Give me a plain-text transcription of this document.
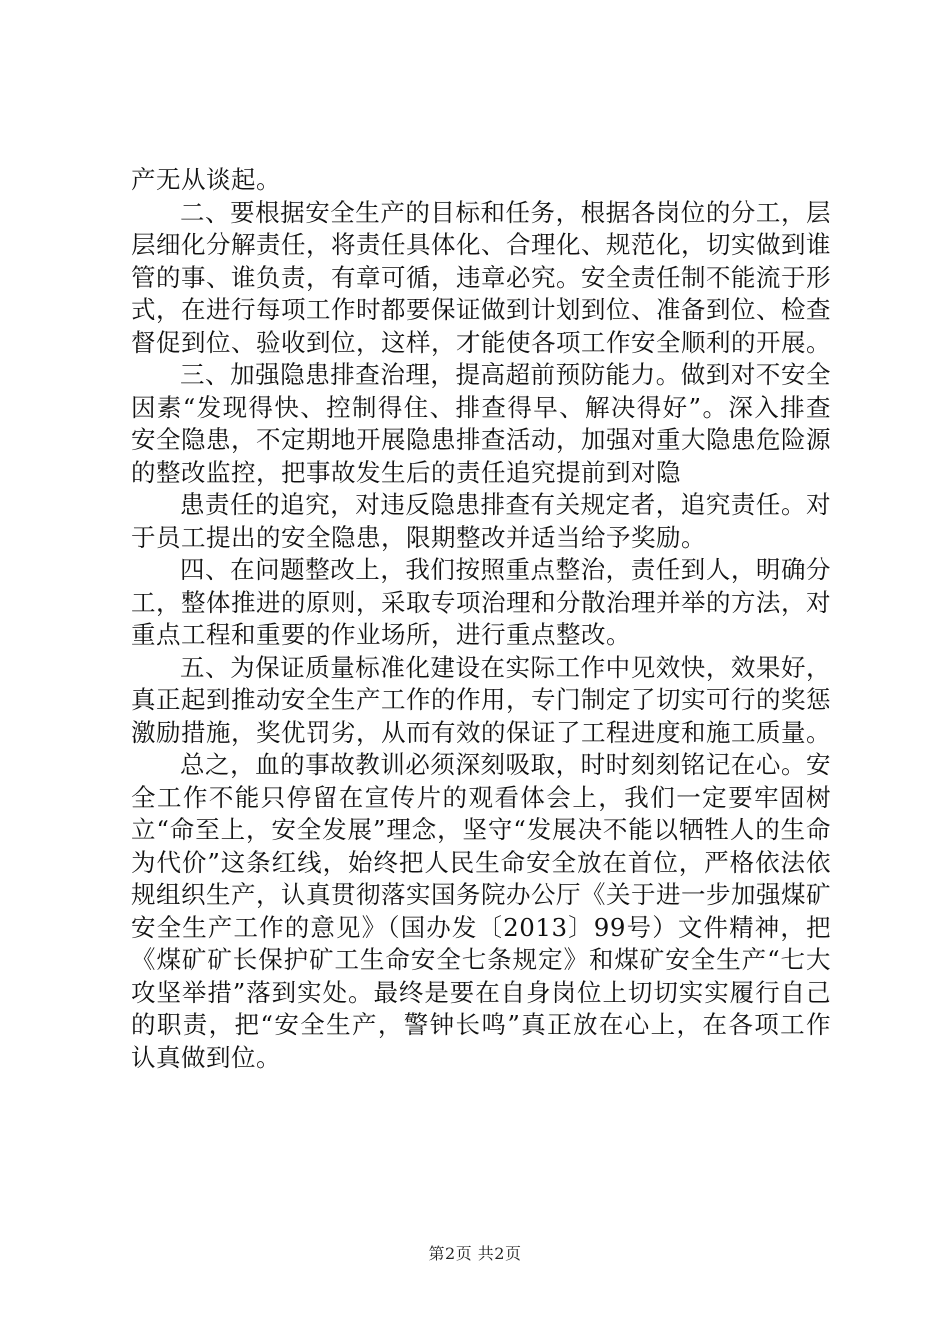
产无从谈起。

二、要根据安全生产的目标和任务，根据各岗位的分工，层层细化分解责任，将责任具体化、合理化、规范化，切实做到谁管的事、谁负责，有章可循，违章必究。安全责任制不能流于形式，在进行每项工作时都要保证做到计划到位、准备到位、检查督促到位、验收到位，这样，才能使各项工作安全顺利的开展。

三、加强隐患排查治理，提高超前预防能力。做到对不安全因素“发现得快、控制得住、排查得早、解决得好”。深入排查安全隐患，不定期地开展隐患排查活动，加强对重大隐患危险源的整改监控，把事故发生后的责任追究提前到对隐

患责任的追究，对违反隐患排查有关规定者，追究责任。对于员工提出的安全隐患，限期整改并适当给予奖励。

四、在问题整改上，我们按照重点整治，责任到人，明确分工，整体推进的原则，采取专项治理和分散治理并举的方法，对重点工程和重要的作业场所，进行重点整改。

五、为保证质量标准化建设在实际工作中见效快，效果好，真正起到推动安全生产工作的作用，专门制定了切实可行的奖惩激励措施，奖优罚劣，从而有效的保证了工程进度和施工质量。

总之，血的事故教训必须深刻吸取，时时刻刻铭记在心。安全工作不能只停留在宣传片的观看体会上，我们一定要牢固树立“命至上，安全发展”理念，坚守“发展决不能以牺牲人的生命为代价”这条红线，始终把人民生命安全放在首位，严格依法依规组织生产，认真贯彻落实国务院办公厅《关于进一步加强煤矿安全生产工作的意见》（国办发〔2013〕99号）文件精神，把《煤矿矿长保护矿工生命安全七条规定》和煤矿安全生产“七大攻坚举措”落到实处。最终是要在自身岗位上切切实实履行自己的职责，把“安全生产，警钟长鸣”真正放在心上，在各项工作认真做到位。

第2页 共2页
